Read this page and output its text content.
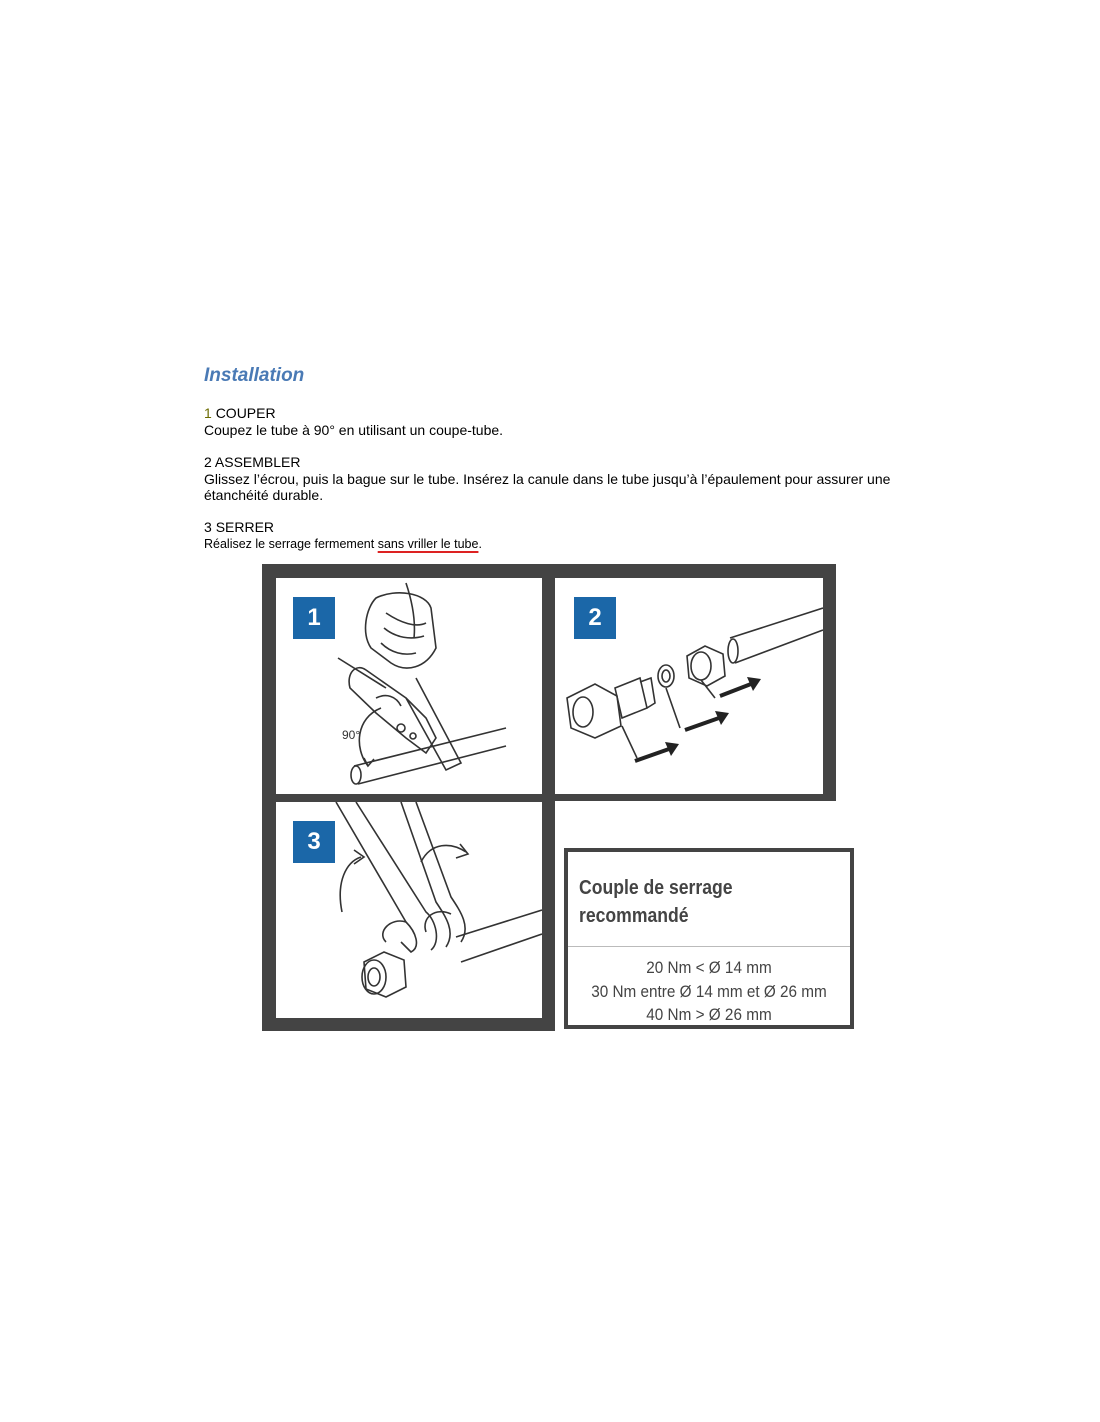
Installation
1 COUPER
Coupez le tube à 90° en utilisant un coupe-tube.
2 ASSEMBLER
Glissez l’écrou, puis la bague sur le tube. Insérez la canule dans le tube jusqu’à l’épaulement pour assurer une étanchéité durable.
3 SERRER
Réalisez le serrage fermement sans vriller le tube.
1
90°
2
3
Couple de serrage
recommandé
20 Nm < Ø 14 mm
30 Nm entre Ø 14 mm et Ø 26 mm
40 Nm > Ø 26 mm
